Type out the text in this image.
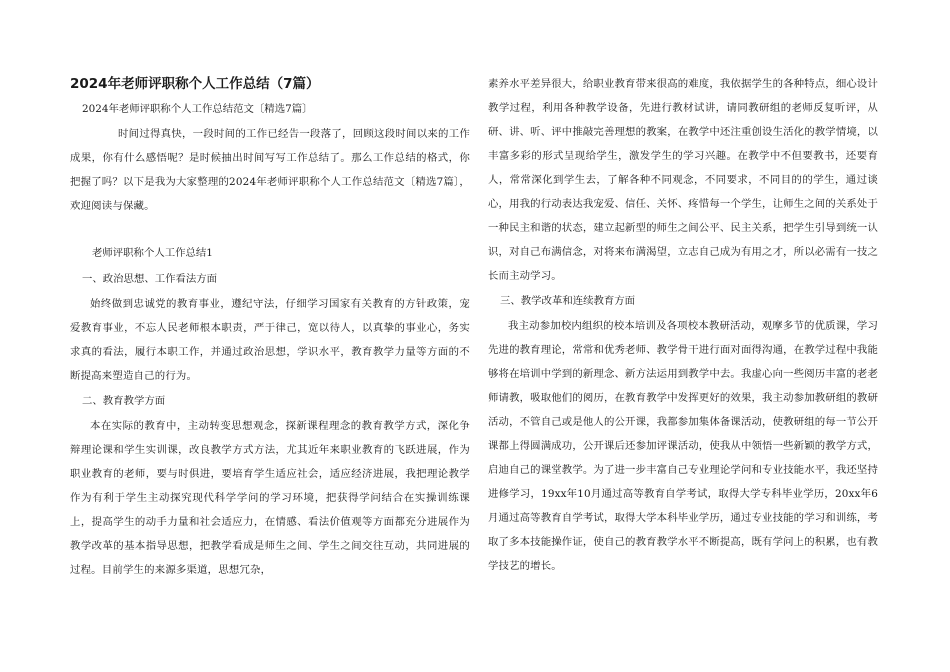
2024年老师评职称个人工作总结（7篇）
2024年老师评职称个人工作总结范文〔精选7篇〕

时间过得真快，一段时间的工作已经告一段落了，回顾这段时间以来的工作成果，你有什么感悟呢？是时候抽出时间写写工作总结了。那么工作总结的格式，你把握了吗？以下是我为大家整理的2024年老师评职称个人工作总结范文〔精选7篇〕，欢迎阅读与保藏。

老师评职称个人工作总结1
一、政治思想、工作看法方面

始终做到忠诚党的教育事业，遵纪守法，仔细学习国家有关教育的方针政策，宠爱教育事业，不忘人民老师根本职责，严于律己，宽以待人，以真挚的事业心，务实求真的看法，履行本职工作，并通过政治思想，学识水平，教育教学力量等方面的不断提高来塑造自己的行为。

二、教育教学方面

本在实际的教育中，主动转变思想观念，探新课程理念的教育教学方式，深化争辩理论课和学生实训课，改良教学方式方法，尤其近年来职业教育的飞跃进展，作为职业教育的老师，要与时俱进，要培育学生适应社会，适应经济进展，我把理论教学作为有利于学生主动探究现代科学学问的学习环境，把获得学问结合在实操训练课上，提高学生的动手力量和社会适应力，在情感、看法价值观等方面都充分进展作为教学改革的基本指导思想，把教学看成是师生之间、学生之间交往互动，共同进展的过程。目前学生的来源多渠道，思想冗杂，

素养水平差异很大，给职业教育带来很高的难度，我依据学生的各种特点，细心设计教学过程，利用各种教学设备，先进行教材试讲，请同教研组的老师反复听评，从研、讲、听、评中推敲完善理想的教案，在教学中还注重创设生活化的教学情境，以丰富多彩的形式呈现给学生，激发学生的学习兴趣。在教学中不但要教书，还要育人，常常深化到学生去，了解各种不同观念，不同要求，不同目的的学生，通过谈心，用我的行动表达我宠爱、信任、关怀、疼惜每一个学生，让师生之间的关系处于一种民主和谐的状态，建立起新型的师生之间公平、民主关系，把学生引导到统一认识，对自己布满信念，对将来布满渴望，立志自己成为有用之才，所以必需有一技之长而主动学习。

三、教学改革和连续教育方面

我主动参加校内组织的校本培训及各项校本教研活动，观摩多节的优质课，学习先进的教育理论，常常和优秀老师、教学骨干进行面对面得沟通，在教学过程中我能够将在培训中学到的新理念、新方法运用到教学中去。我虚心向一些阅历丰富的老老师请教，吸取他们的阅历，在教育教学中发挥更好的效果，我主动参加教研组的教研活动，不管自己或是他人的公开课，我都参加集体备课活动，使教研组的每一节公开课都上得圆满成功，公开课后还参加评课活动，使我从中领悟一些新颖的教学方式，启迪自己的课堂教学。为了进一步丰富自己专业理论学问和专业技能水平，我还坚持进修学习，19xx年10月通过高等教育自学考试，取得大学专科毕业学历，20xx年6月通过高等教育自学考试，取得大学本科毕业学历，通过专业技能的学习和训练，考取了多本技能操作证，使自己的教育教学水平不断提高，既有学问上的积累，也有教学技艺的增长。
